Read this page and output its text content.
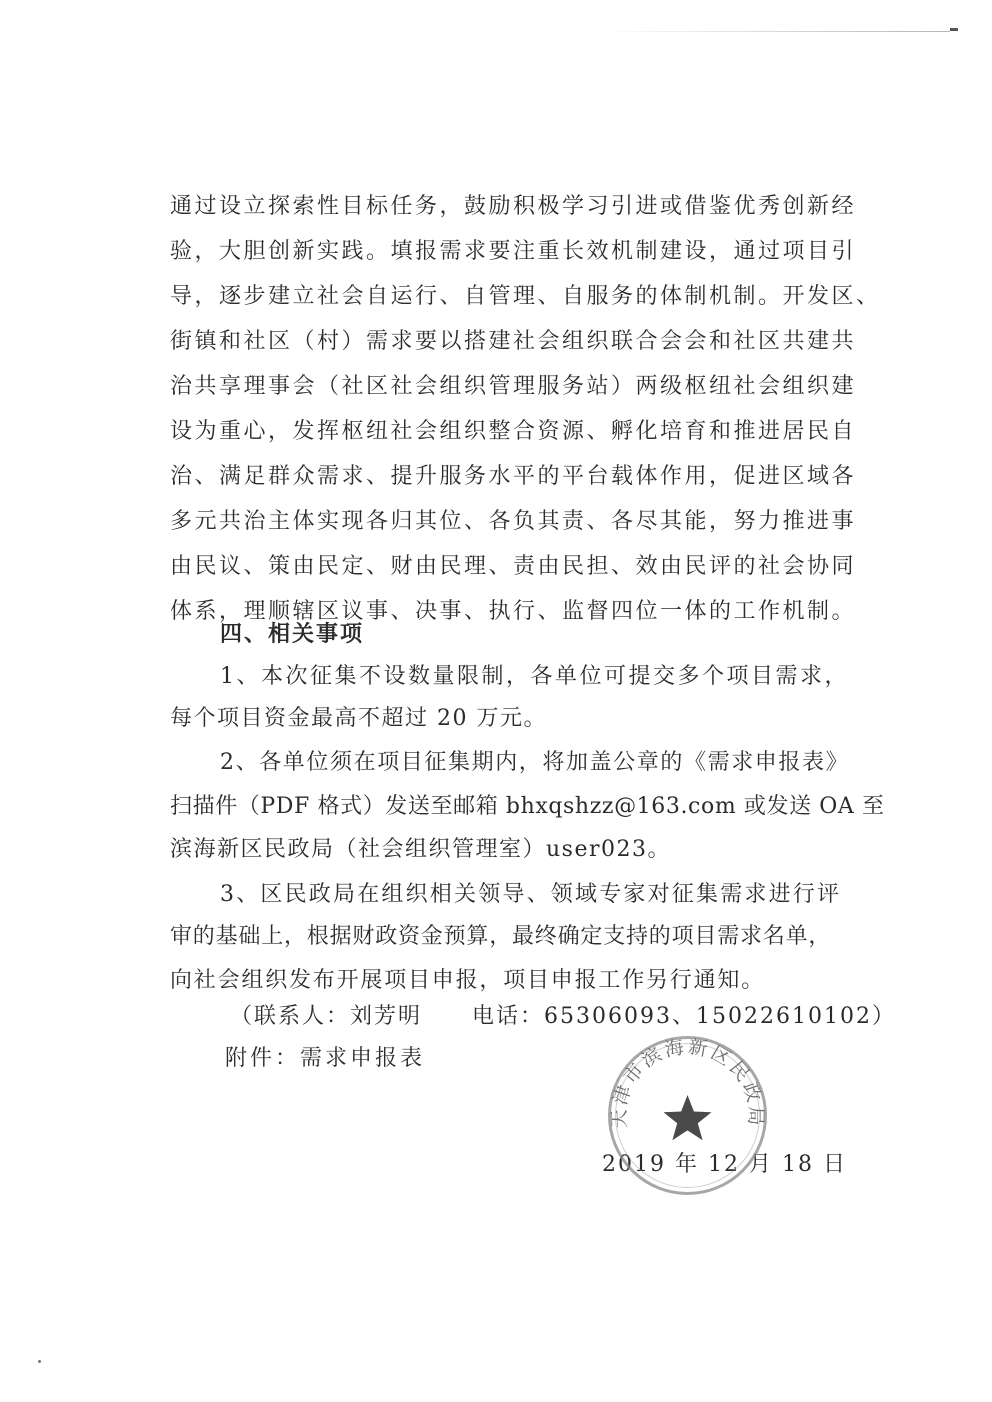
通过设立探索性目标任务，鼓励积极学习引进或借鉴优秀创新经
验，大胆创新实践。填报需求要注重长效机制建设，通过项目引
导，逐步建立社会自运行、自管理、自服务的体制机制。开发区、
街镇和社区（村）需求要以搭建社会组织联合会会和社区共建共
治共享理事会（社区社会组织管理服务站）两级枢纽社会组织建
设为重心，发挥枢纽社会组织整合资源、孵化培育和推进居民自
治、满足群众需求、提升服务水平的平台载体作用，促进区域各
多元共治主体实现各归其位、各负其责、各尽其能，努力推进事
由民议、策由民定、财由民理、责由民担、效由民评的社会协同
体系，理顺辖区议事、决事、执行、监督四位一体的工作机制。
四、相关事项
1、本次征集不设数量限制，各单位可提交多个项目需求，
每个项目资金最高不超过 20 万元。
2、各单位须在项目征集期内，将加盖公章的《需求申报表》
扫描件（PDF 格式）发送至邮箱 bhxqshzz@163.com 或发送 OA 至
滨海新区民政局（社会组织管理室）user023。
3、区民政局在组织相关领导、领域专家对征集需求进行评
审的基础上，根据财政资金预算，最终确定支持的项目需求名单，
向社会组织发布开展项目申报，项目申报工作另行通知。
（联系人：刘芳明 电话：65306093、15022610102）
附件：需求申报表
2019 年 12 月 18 日
天津市滨海新区民政局
